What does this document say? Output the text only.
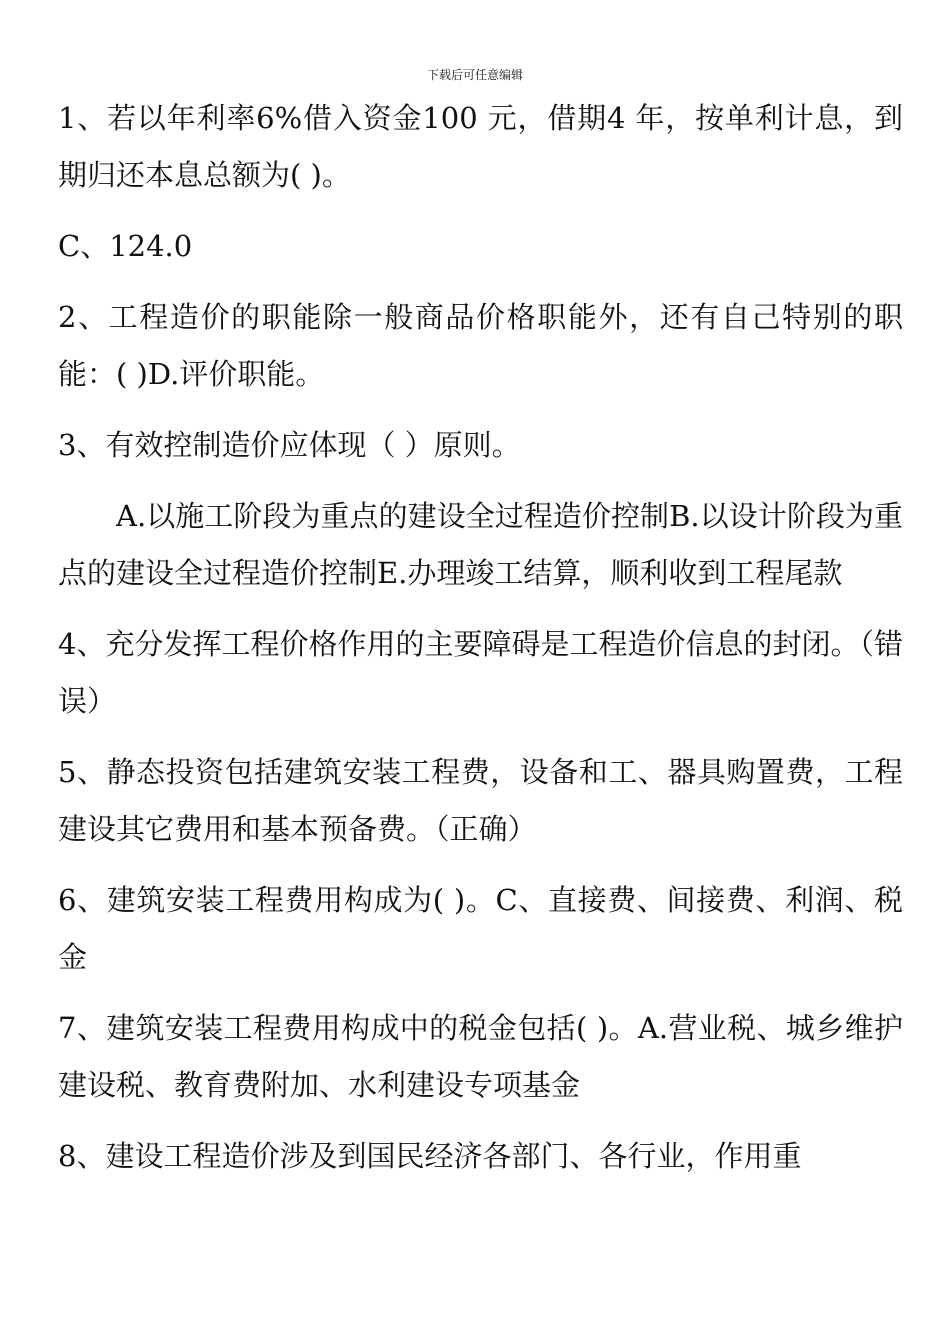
下载后可任意编辑

1、若以年利率6%借入资金100 元，借期4 年，按单利计息，到期归还本息总额为( )。

C、124.0

2、工程造价的职能除一般商品价格职能外，还有自己特别的职能：( )D.评价职能。

3、有效控制造价应体现（ ）原则。

A.以施工阶段为重点的建设全过程造价控制B.以设计阶段为重点的建设全过程造价控制E.办理竣工结算，顺利收到工程尾款

4、充分发挥工程价格作用的主要障碍是工程造价信息的封闭。（错误）

5、静态投资包括建筑安装工程费，设备和工、器具购置费，工程建设其它费用和基本预备费。（正确）

6、建筑安装工程费用构成为( )。C、直接费、间接费、利润、税金

7、建筑安装工程费用构成中的税金包括( )。A.营业税、城乡维护建设税、教育费附加、水利建设专项基金

8、建设工程造价涉及到国民经济各部门、各行业，作用重
